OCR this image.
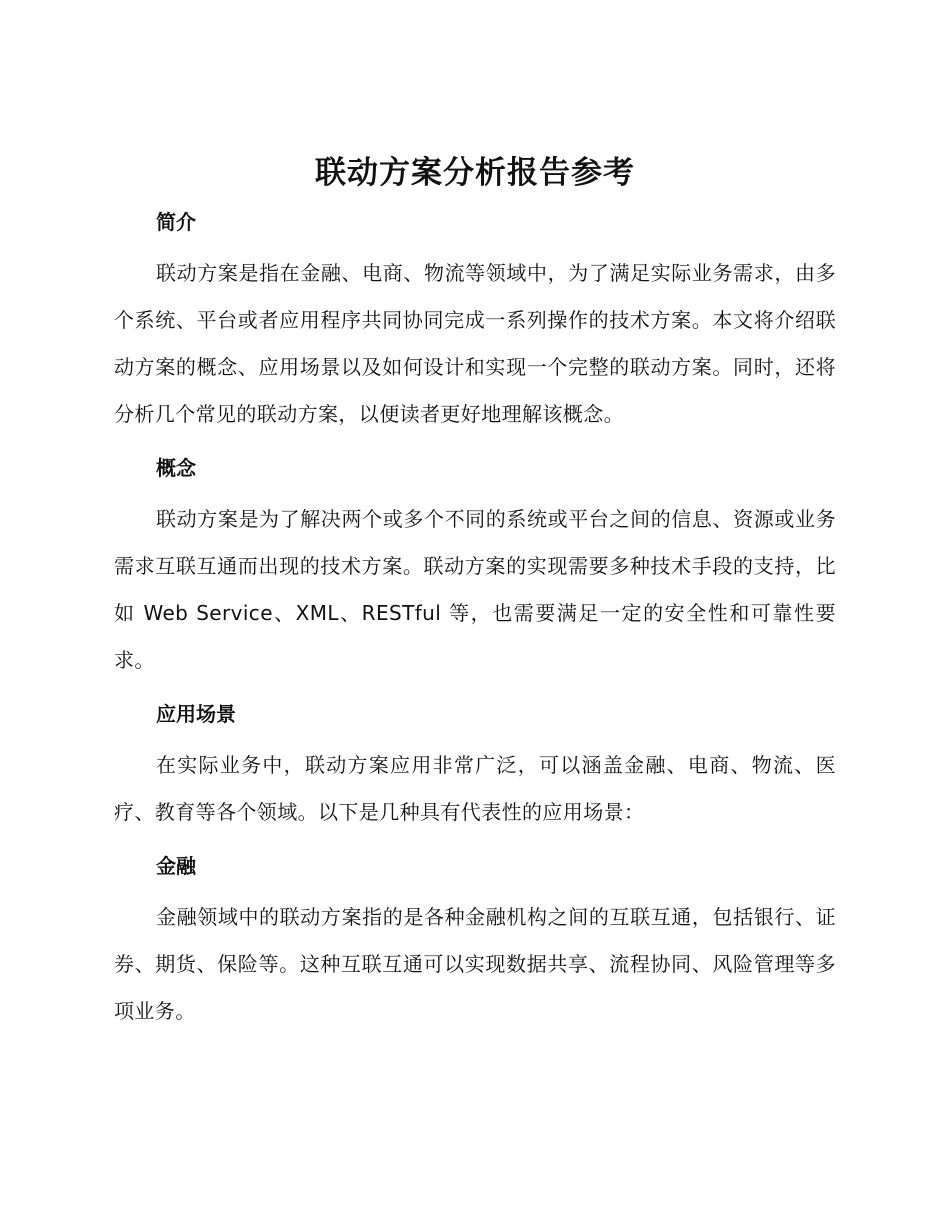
联动方案分析报告参考
简介

联动方案是指在金融、电商、物流等领域中，为了满足实际业务需求，由多个系统、平台或者应用程序共同协同完成一系列操作的技术方案。本文将介绍联动方案的概念、应用场景以及如何设计和实现一个完整的联动方案。同时，还将分析几个常见的联动方案，以便读者更好地理解该概念。

概念

联动方案是为了解决两个或多个不同的系统或平台之间的信息、资源或业务需求互联互通而出现的技术方案。联动方案的实现需要多种技术手段的支持，比如 Web Service、XML、RESTful 等，也需要满足一定的安全性和可靠性要求。

应用场景

在实际业务中，联动方案应用非常广泛，可以涵盖金融、电商、物流、医疗、教育等各个领域。以下是几种具有代表性的应用场景：

金融

金融领域中的联动方案指的是各种金融机构之间的互联互通，包括银行、证券、期货、保险等。这种互联互通可以实现数据共享、流程协同、风险管理等多项业务。
